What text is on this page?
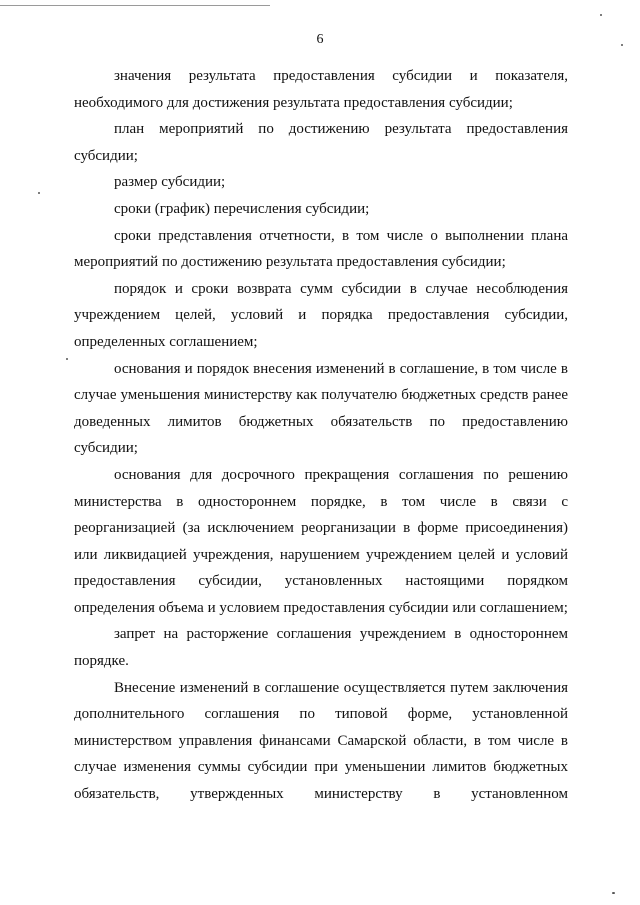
6

значения результата предоставления субсидии и показателя, необходимого для достижения результата предоставления субсидии;

план мероприятий по достижению результата предоставления субсидии;

размер субсидии;

сроки (график) перечисления субсидии;

сроки представления отчетности, в том числе о выполнении плана мероприятий по достижению результата предоставления субсидии;

порядок и сроки возврата сумм субсидии в случае несоблюдения учреждением целей, условий и порядка предоставления субсидии, определенных соглашением;

основания и порядок внесения изменений в соглашение, в том числе в случае уменьшения министерству как получателю бюджетных средств ранее доведенных лимитов бюджетных обязательств по предоставлению субсидии;

основания для досрочного прекращения соглашения по решению министерства в одностороннем порядке, в том числе в связи с реорганизацией (за исключением реорганизации в форме присоединения) или ликвидацией учреждения, нарушением учреждением целей и условий предоставления субсидии, установленных настоящими порядком определения объема и условием предоставления субсидии или соглашением;

запрет на расторжение соглашения учреждением в одностороннем порядке.

Внесение изменений в соглашение осуществляется путем заключения дополнительного соглашения по типовой форме, установленной министерством управления финансами Самарской области, в том числе в случае изменения суммы субсидии при уменьшении лимитов бюджетных обязательств, утвержденных министерству в установленном
